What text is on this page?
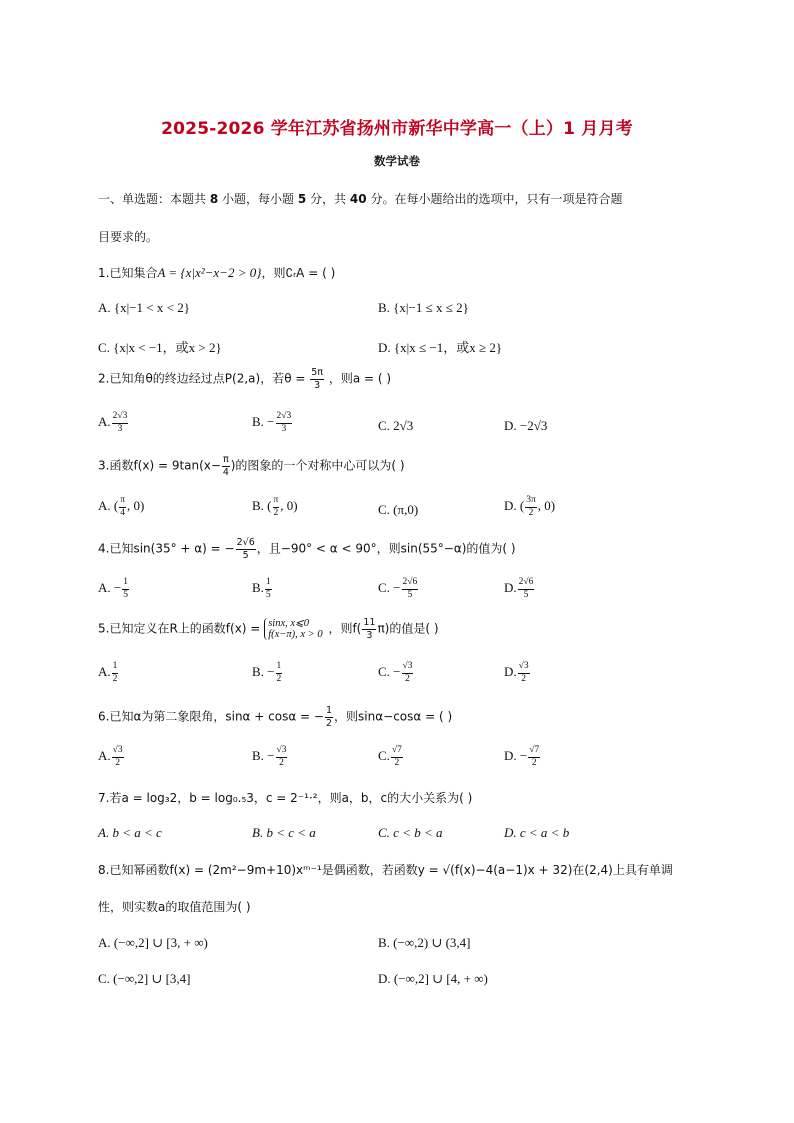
2025-2026 学年江苏省扬州市新华中学高一（上）1 月月考
数学试卷
一、单选题：本题共 8 小题，每小题 5 分，共 40 分。在每小题给出的选项中，只有一项是符合题
目要求的。
1.已知集合A = {x|x²−x−2 > 0}，则∁ᵣA = ( )
A. {x|−1 < x < 2}	B. {x|−1 ≤ x ≤ 2}
C. {x|x < −1，或x > 2}	D. {x|x ≤ −1，或x ≥ 2}
2.已知角θ的终边经过点P(2,a)，若$\theta = \frac{5\pi}{3}$ ，则a = ( )
A. $\frac{2√3}{3}$	B. − $\frac{2√3}{3}$	C. 2√3	D. −2√3
3.函数$f(x) = 9\tan(x- \frac{\pi}{4}$ )的图象的一个对称中心可以为( )
A. ( $\frac{\pi}{4}$ , 0)	B. ( $\frac{\pi}{2}$ , 0)	C. (π,0)	D. ( $\frac{3\pi}{2}$ , 0)
4.已知sin(35° + α) = − $\frac{2√6}{5}$ ，且−90° < α < 90°，则sin(55°−α)的值为( )
A. − $\frac{1}{5}$	B. $\frac{1}{5}$	C. − $\frac{2√6}{5}$	D. $\frac{2√6}{5}$
5.已知定义在R上的函数f(x) = sinx, x⩽0
f(x−π), x > 0 ，则$f( \frac{11}{3} \pi)$的值是( )
A. $\frac{1}{2}$	B. − $\frac{1}{2}$	C. − $\frac{√3}{2}$	D. $\frac{√3}{2}$
6.已知α为第二象限角，sinα + cosα = − $\frac{1}{2}$ ，则sinα−cosα = ( )
A. $\frac{√3}{2}$	B. − $\frac{√3}{2}$	C. $\frac{√7}{2}$	D. − $\frac{√7}{2}$
7.若a = log₃2，b = log₀.₅3，c = 2⁻¹·²，则a，b，c的大小关系为( )
A. b < a < c	B. b < c < a	C. c < b < a	D. c < a < b
8.已知幂函数f(x) = (2m²−9m+10)xᵐ⁻¹是偶函数，若函数y = √(f(x)−4(a−1)x + 32)在(2,4)上具有单调
性，则实数a的取值范围为( )
A. (−∞,2] ∪ [3, + ∞)	B. (−∞,2) ∪ (3,4]
C. (−∞,2] ∪ [3,4]	D. (−∞,2] ∪ [4, + ∞)
